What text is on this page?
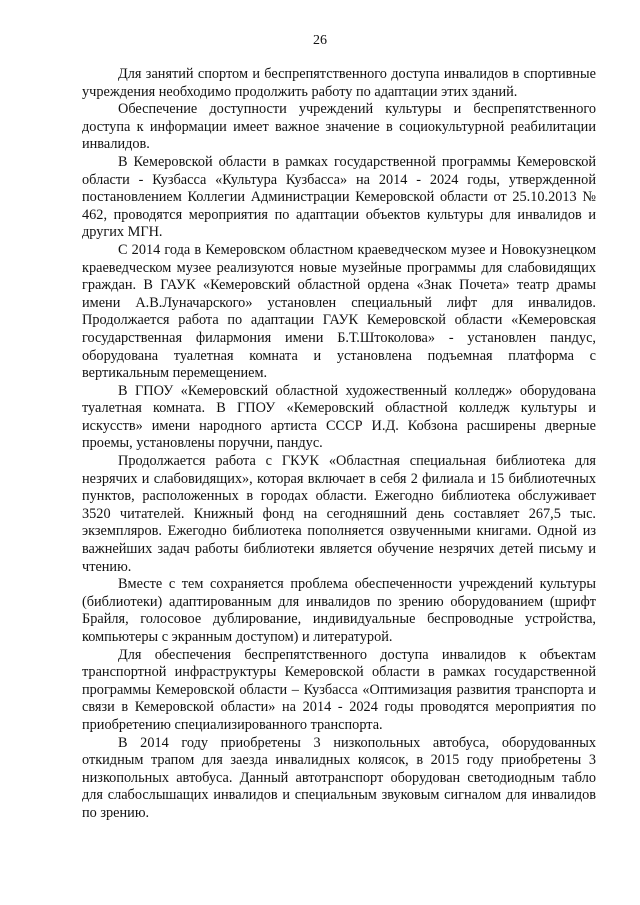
26

Для занятий спортом и беспрепятственного доступа инвалидов в спортивные учреждения необходимо продолжить работу по адаптации этих зданий.

Обеспечение доступности учреждений культуры и беспрепятственного доступа к информации имеет важное значение в социокультурной реабилитации инвалидов.

В Кемеровской области в рамках государственной программы Кемеровской области - Кузбасса «Культура Кузбасса» на 2014 - 2024 годы, утвержденной постановлением Коллегии Администрации Кемеровской области от 25.10.2013 № 462, проводятся мероприятия по адаптации объектов культуры для инвалидов и других МГН.

С 2014 года в Кемеровском областном краеведческом музее и Новокузнецком краеведческом музее реализуются новые музейные программы для слабовидящих граждан. В ГАУК «Кемеровский областной ордена «Знак Почета» театр драмы имени А.В.Луначарского» установлен специальный лифт для инвалидов. Продолжается работа по адаптации ГАУК Кемеровской области «Кемеровская государственная филармония имени Б.Т.Штоколова» - установлен пандус, оборудована туалетная комната и установлена подъемная платформа с вертикальным перемещением.

В ГПОУ «Кемеровский областной художественный колледж» оборудована туалетная комната. В ГПОУ «Кемеровский областной колледж культуры и искусств» имени народного артиста СССР И.Д. Кобзона расширены дверные проемы, установлены поручни, пандус.

Продолжается работа с ГКУК «Областная специальная библиотека для незрячих и слабовидящих», которая включает в себя 2 филиала и 15 библиотечных пунктов, расположенных в городах области. Ежегодно библиотека обслуживает 3520 читателей. Книжный фонд на сегодняшний день составляет 267,5 тыс. экземпляров. Ежегодно библиотека пополняется озвученными книгами. Одной из важнейших задач работы библиотеки является обучение незрячих детей письму и чтению.

Вместе с тем сохраняется проблема обеспеченности учреждений культуры (библиотеки) адаптированным для инвалидов по зрению оборудованием (шрифт Брайля, голосовое дублирование, индивидуальные беспроводные устройства, компьютеры с экранным доступом) и литературой.

Для обеспечения беспрепятственного доступа инвалидов к объектам транспортной инфраструктуры Кемеровской области в рамках государственной программы Кемеровской области – Кузбасса «Оптимизация развития транспорта и связи в Кемеровской области» на 2014 - 2024 годы проводятся мероприятия по приобретению специализированного транспорта.

В 2014 году приобретены 3 низкопольных автобуса, оборудованных откидным трапом для заезда инвалидных колясок, в 2015 году приобретены 3 низкопольных автобуса. Данный автотранспорт оборудован светодиодным табло для слабослышащих инвалидов и специальным звуковым сигналом для инвалидов по зрению.
